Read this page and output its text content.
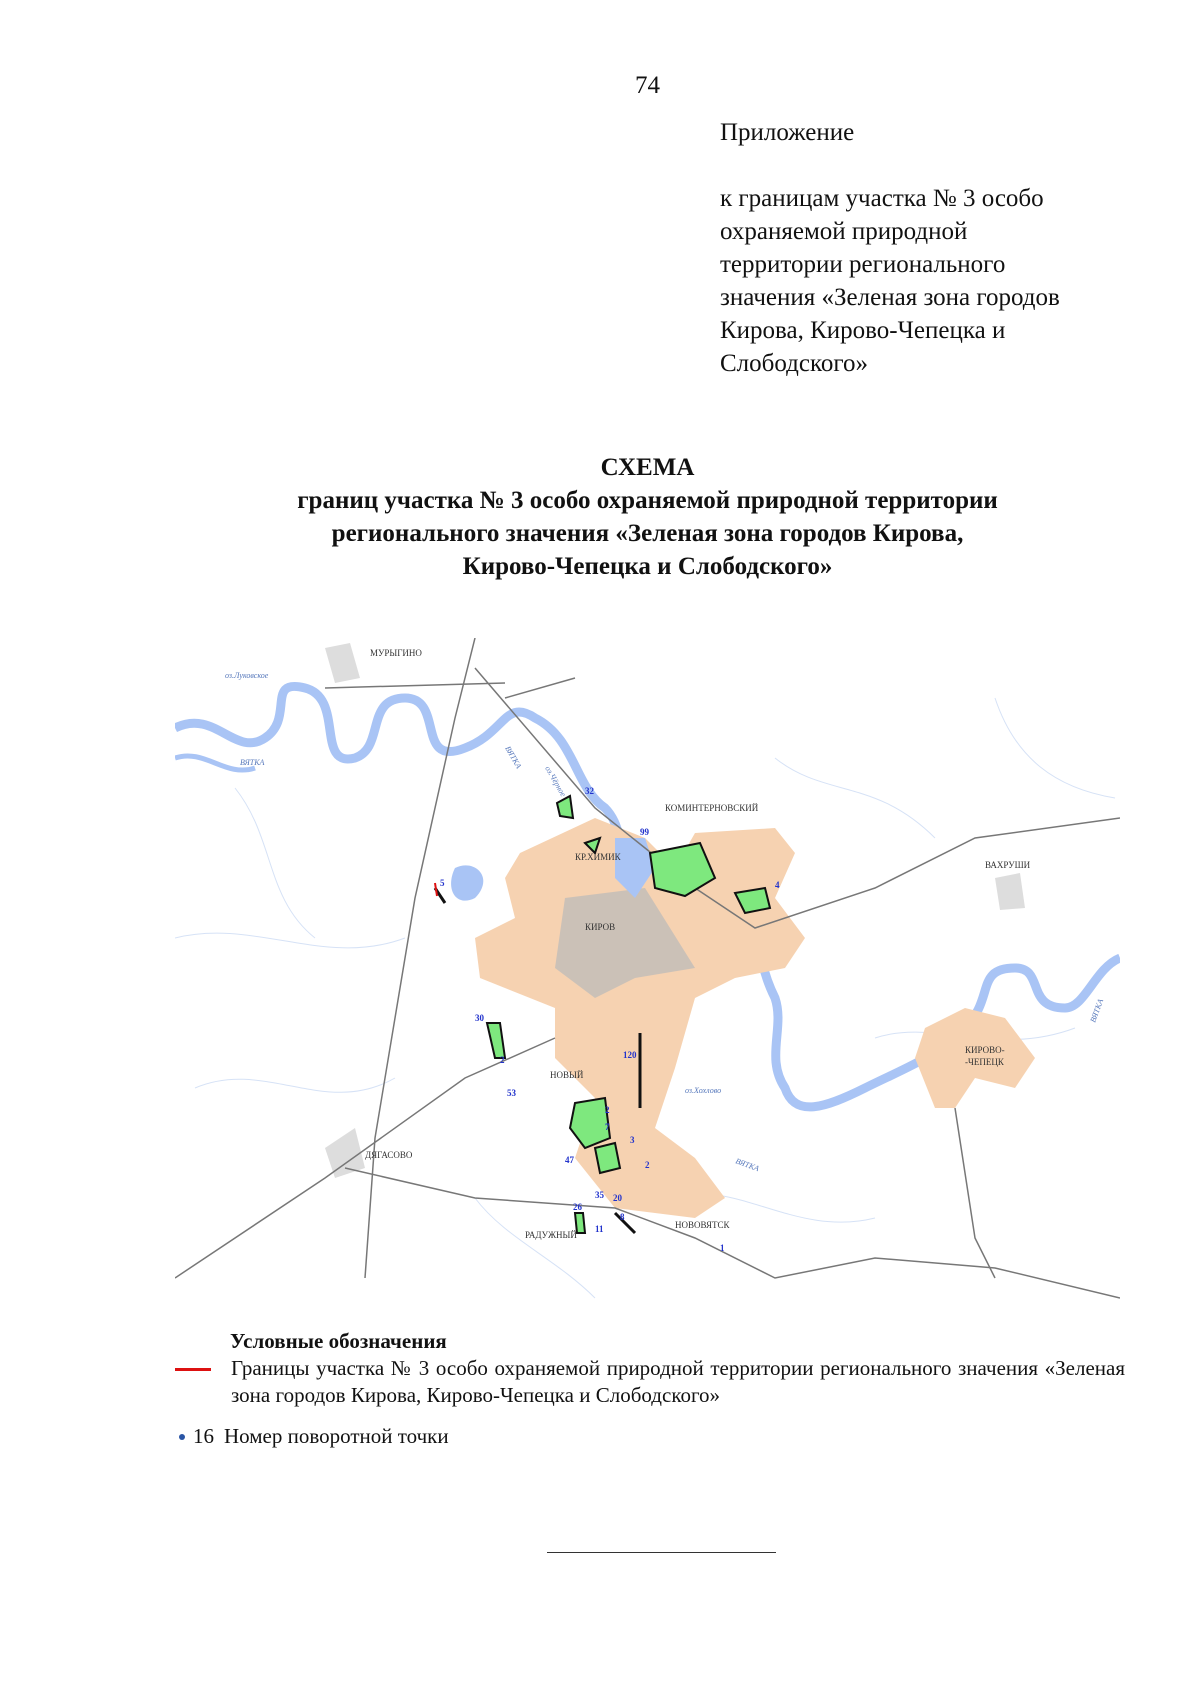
74
Приложение
к границам участка № 3 особо
охраняемой природной
территории регионального
значения «Зеленая зона городов
Кирова, Кирово-Чепецка и
Слободского»
СХЕМА
границ участка № 3 особо охраняемой природной территории
регионального значения «Зеленая зона городов Кирова,
Кирово-Чепецка и Слободского»
МУРЫГИНО
КОМИНТЕРНОВСКИЙ
ВАХРУШИ
КР.ХИМИК
КИРОВ
НОВЫЙ
КИРОВО-
-ЧЕПЕЦК
ДЯГАСОВО
РАДУЖНЫЙ
НОВОВЯТСК
оз.Луковское
ВЯТКА	ВЯТКА
оз.Чёрное
оз.Хохлово
ВЯТКА
ВЯТКА
32
99
5	4
30
2	120
53
2
7
47
3
2
35 20
26
8
11
1
Условные обозначения
Границы участка № 3 особо охраняемой природной территории регионального значения «Зеленая зона городов Кирова, Кирово-Чепецка и Слободского»
16 Номер поворотной точки
